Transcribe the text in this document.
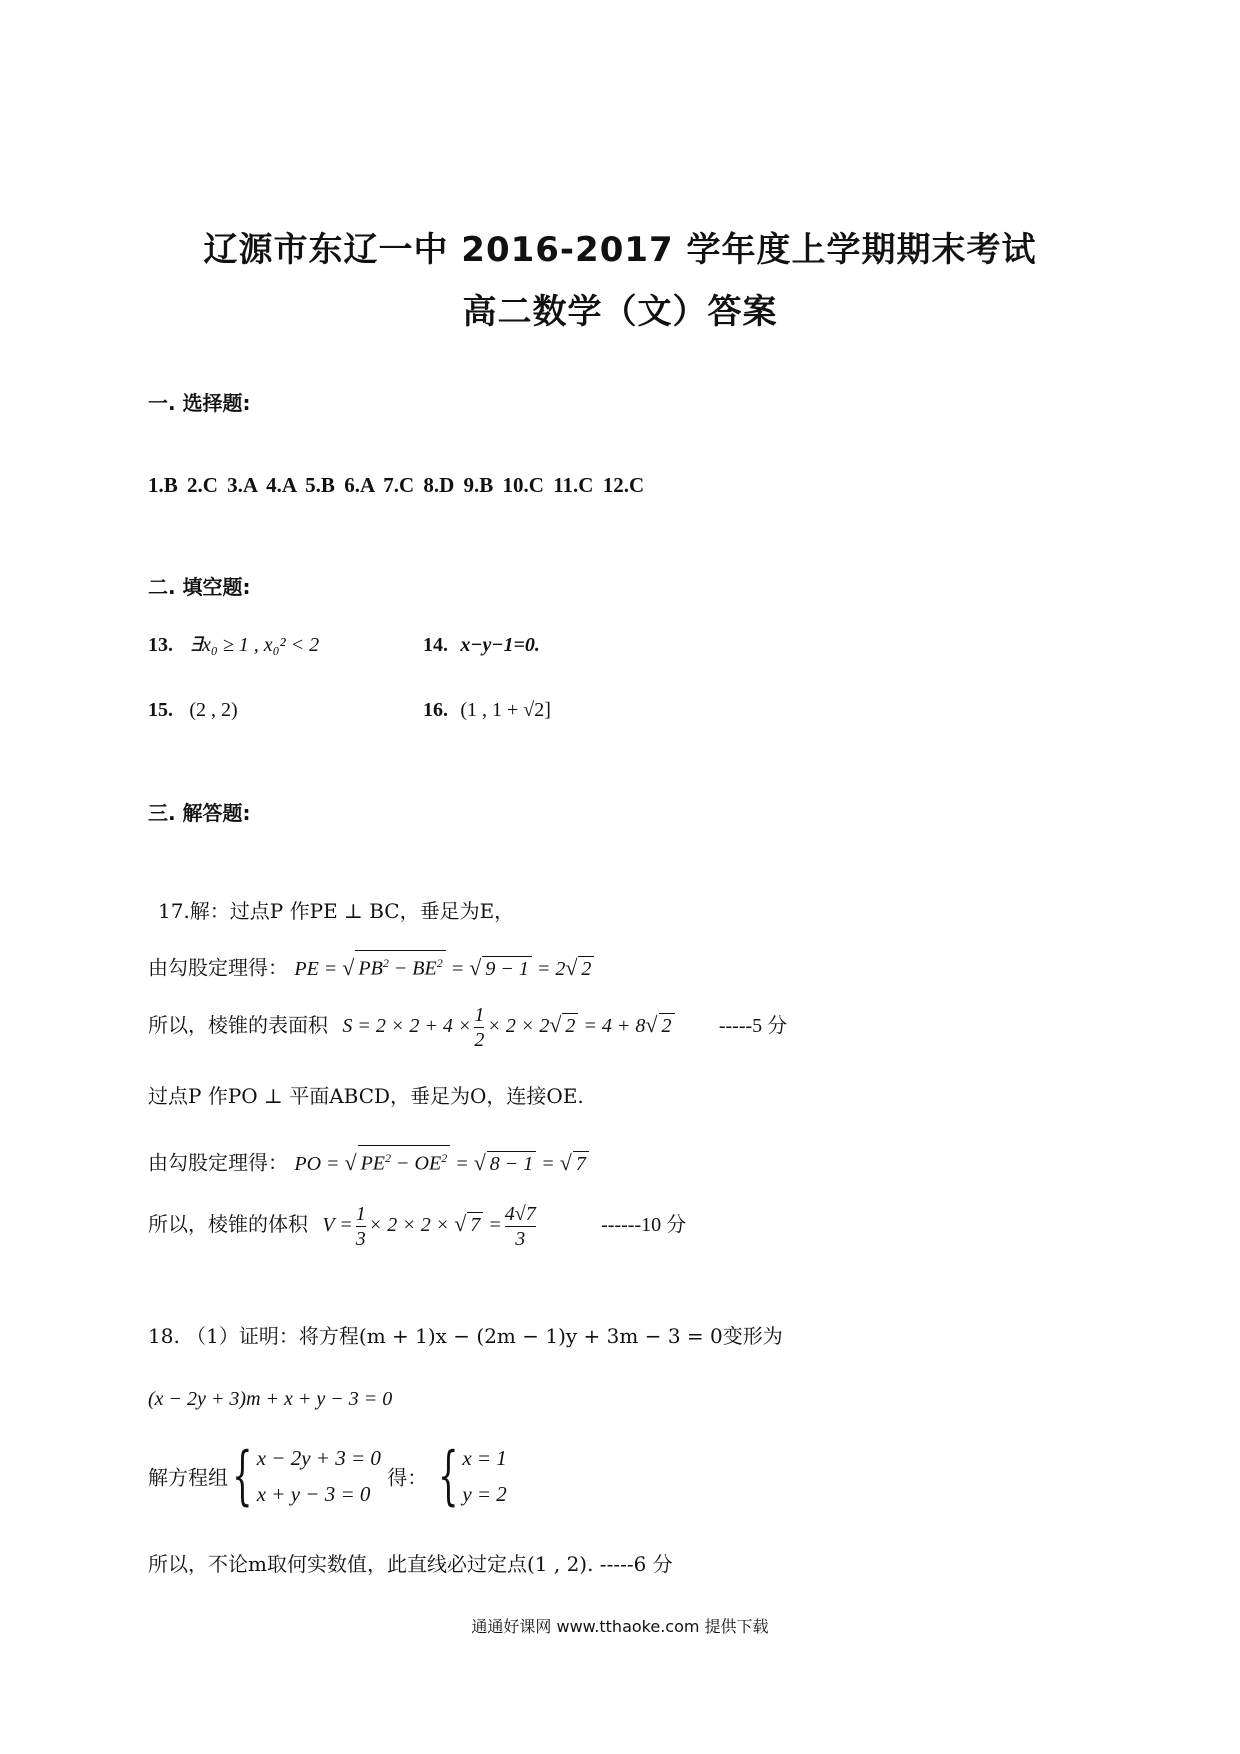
辽源市东辽一中 2016-2017 学年度上学期期末考试
高二数学（文）答案
一. 选择题:
1.B 2.C 3.A 4.A 5.B 6.A 7.C 8.D 9.B 10.C 11.C 12.C
二. 填空题:
13. ∃x₀ ≥ 1 , x₀² < 2	14. x−y−1=0.
15. (2 , 2)	16. (1 , 1 + √2]
三. 解答题:
17.解：过点P 作PE ⊥ BC，垂足为E，
由勾股定理得： PE = √ $PB^2 - BE^2$ = √ 9 − 1 = 2√ 2
所以，棱锥的表面积 $S = 2 \times 2 + 4 \times \frac{1}{2} \times 2 \times 2√$ 2 = 4 + 8√ 2 -----5 分
过点P 作PO ⊥ 平面ABCD，垂足为O，连接OE.
由勾股定理得： PO = √ $PE^2 - OE^2$ = √ 8 − 1 = √ 7
所以，棱锥的体积 $V = \frac{1}{3} \times 2 \times 2$ × √ $7 = \frac{4√7}{3}$	------10 分
18. （1）证明：将方程(m + 1)x − (2m − 1)y + 3m − 3 = 0变形为
(x − 2y + 3)m + x + y − 3 = 0
解方程组{ x − 2y + 3 = 0
x + y − 3 = 0
得： { x = 1
y = 2
所以，不论m取何实数值，此直线必过定点(1 , 2). -----6 分
通通好课网 www.tthaoke.com 提供下载
